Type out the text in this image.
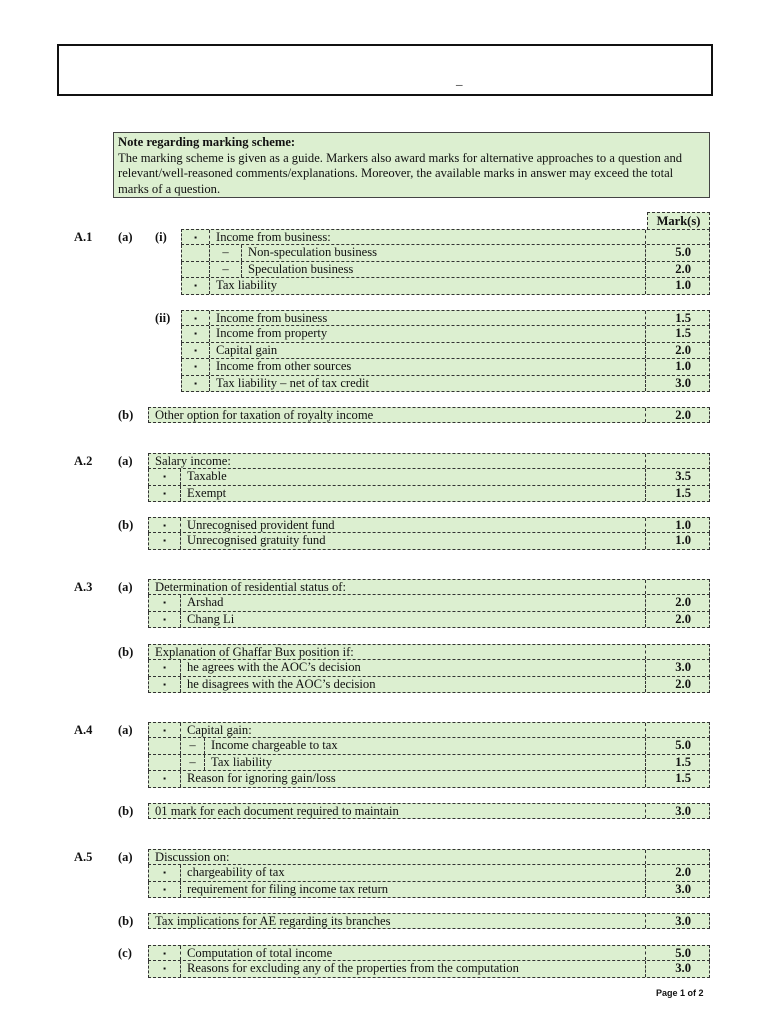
_
Note regarding marking scheme:
The marking scheme is given as a guide. Markers also award marks for alternative approaches to a question and relevant/well-reasoned comments/explanations. Moreover, the available marks in answer may exceed the total marks of a question.
Mark(s)
A.1 (a) (i)	▪	Income from business:
–	Non-speculation business	5.0
–	Speculation business	2.0
▪	Tax liability	1.0
(ii)	▪	Income from business	1.5
▪	Income from property	1.5
▪	Capital gain	2.0
▪	Income from other sources	1.0
▪	Tax liability – net of tax credit	3.0
(b) Other option for taxation of royalty income	2.0
A.2 (a) Salary income:
▪	Taxable	3.5
▪	Exempt	1.5
(b)	▪	Unrecognised provident fund	1.0
▪	Unrecognised gratuity fund	1.0
A.3 (a) Determination of residential status of:
▪	Arshad	2.0
▪	Chang Li	2.0
(b) Explanation of Ghaffar Bux position if:
▪	he agrees with the AOC’s decision	3.0
▪	he disagrees with the AOC’s decision	2.0
A.4 (a)	▪	Capital gain:
–	Income chargeable to tax	5.0
–	Tax liability	1.5
▪	Reason for ignoring gain/loss	1.5
(b) 01 mark for each document required to maintain	3.0
A.5 (a) Discussion on:
▪	chargeability of tax	2.0
▪	requirement for filing income tax return	3.0
(b) Tax implications for AE regarding its branches	3.0
(c)	▪	Computation of total income	5.0
▪	Reasons for excluding any of the properties from the computation	3.0
Page 1 of 2
